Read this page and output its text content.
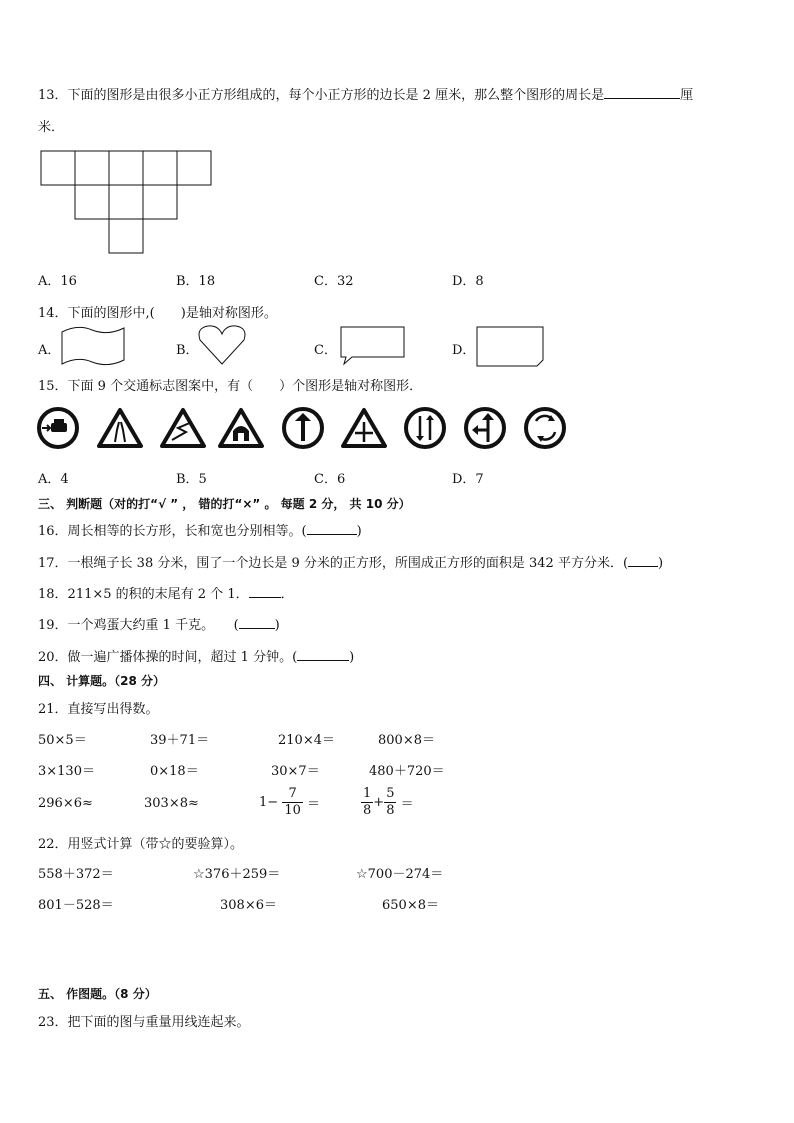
13．下面的图形是由很多小正方形组成的，每个小正方形的边长是 2 厘米，那么整个图形的周长是	厘
米．
A．16	B．18	C．32	D．8
14．下面的图形中,(　　)是轴对称图形。
A．	B．	C．	D．
15．下面 9 个交通标志图案中，有（　　）个图形是轴对称图形．
A．4	B．5	C．6	D．7
三、 判断题（对的打“√ ” ， 错的打“×” 。 每题 2 分， 共 10 分）
16．周长相等的长方形，长和宽也分别相等。(	)
17．一根绳子长 38 分米，围了一个边长是 9 分米的正方形，所围成正方形的面积是 342 平方分米．( )
18．211×5 的积的末尾有 2 个 1． ．
19．一个鸡蛋大约重 1 千克。　　(	)
20．做一遍广播体操的时间，超过 1 分钟。(	)
四、 计算题。（28 分）
21．直接写出得数。
50×5＝	39＋71＝	210×4＝	800×8＝
3×130＝	0×18＝	30×7＝	480＋720＝
296×6≈	303×8≈	$1- \frac{7}{10}$ ＝	$\frac{1}{8} + \frac{5}{8}$ ＝
22．用竖式计算（带☆的要验算）。
558＋372＝	☆376＋259＝	☆700－274＝
801－528＝	308×6＝	650×8＝
五、 作图题。（8 分）
23．把下面的图与重量用线连起来。
